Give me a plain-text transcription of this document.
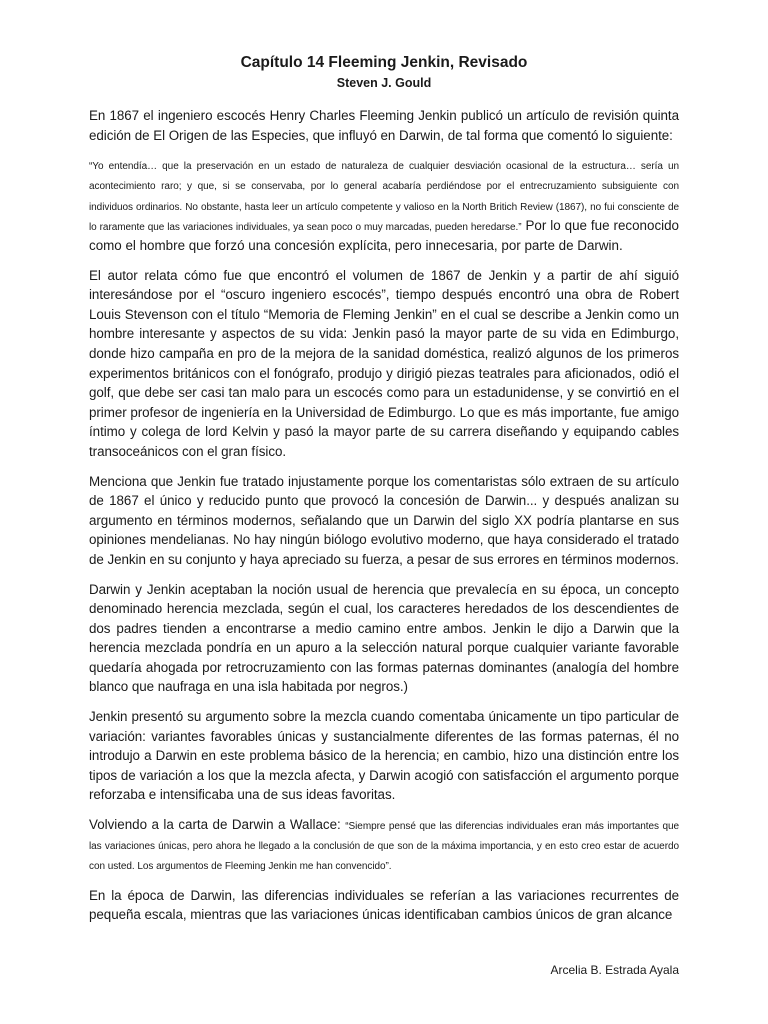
Capítulo 14 Fleeming Jenkin, Revisado
Steven J. Gould

En 1867 el ingeniero escocés Henry Charles Fleeming Jenkin publicó un artículo de revisión quinta edición de El Origen de las Especies, que influyó en Darwin, de tal forma que comentó lo siguiente:

“Yo entendía… que la preservación en un estado de naturaleza de cualquier desviación ocasional de la estructura… sería un acontecimiento raro; y que, si se conservaba, por lo general acabaría perdiéndose por el entrecruzamiento subsiguiente con individuos ordinarios. No obstante, hasta leer un artículo competente y valioso en la North Britich Review (1867), no fui consciente de lo raramente que las variaciones individuales, ya sean poco o muy marcadas, pueden heredarse.” Por lo que fue reconocido como el hombre que forzó una concesión explícita, pero innecesaria, por parte de Darwin.

El autor relata cómo fue que encontró el volumen de 1867 de Jenkin y a partir de ahí siguió interesándose por el “oscuro ingeniero escocés”, tiempo después encontró una obra de Robert Louis Stevenson con el título “Memoria de Fleming Jenkin” en el cual se describe a Jenkin como un hombre interesante y aspectos de su vida: Jenkin pasó la mayor parte de su vida en Edimburgo, donde hizo campaña en pro de la mejora de la sanidad doméstica, realizó algunos de los primeros experimentos británicos con el fonógrafo, produjo y dirigió piezas teatrales para aficionados, odió el golf, que debe ser casi tan malo para un escocés como para un estadunidense, y se convirtió en el primer profesor de ingeniería en la Universidad de Edimburgo. Lo que es más importante, fue amigo íntimo y colega de lord Kelvin y pasó la mayor parte de su carrera diseñando y equipando cables transoceánicos con el gran físico.

Menciona que Jenkin fue tratado injustamente porque los comentaristas sólo extraen de su artículo de 1867 el único y reducido punto que provocó la concesión de Darwin... y después analizan su argumento en términos modernos, señalando que un Darwin del siglo XX podría plantarse en sus opiniones mendelianas. No hay ningún biólogo evolutivo moderno, que haya considerado el tratado de Jenkin en su conjunto y haya apreciado su fuerza, a pesar de sus errores en términos modernos.

Darwin y Jenkin aceptaban la noción usual de herencia que prevalecía en su época, un concepto denominado herencia mezclada, según el cual, los caracteres heredados de los descendientes de dos padres tienden a encontrarse a medio camino entre ambos. Jenkin le dijo a Darwin que la herencia mezclada pondría en un apuro a la selección natural porque cualquier variante favorable quedaría ahogada por retrocruzamiento con las formas paternas dominantes (analogía del hombre blanco que naufraga en una isla habitada por negros.)

Jenkin presentó su argumento sobre la mezcla cuando comentaba únicamente un tipo particular de variación: variantes favorables únicas y sustancialmente diferentes de las formas paternas, él no introdujo a Darwin en este problema básico de la herencia; en cambio, hizo una distinción entre los tipos de variación a los que la mezcla afecta, y Darwin acogió con satisfacción el argumento porque reforzaba e intensificaba una de sus ideas favoritas.

Volviendo a la carta de Darwin a Wallace: “Siempre pensé que las diferencias individuales eran más importantes que las variaciones únicas, pero ahora he llegado a la conclusión de que son de la máxima importancia, y en esto creo estar de acuerdo con usted. Los argumentos de Fleeming Jenkin me han convencido”.

En la época de Darwin, las diferencias individuales se referían a las variaciones recurrentes de pequeña escala, mientras que las variaciones únicas identificaban cambios únicos de gran alcance

Arcelia B. Estrada Ayala
